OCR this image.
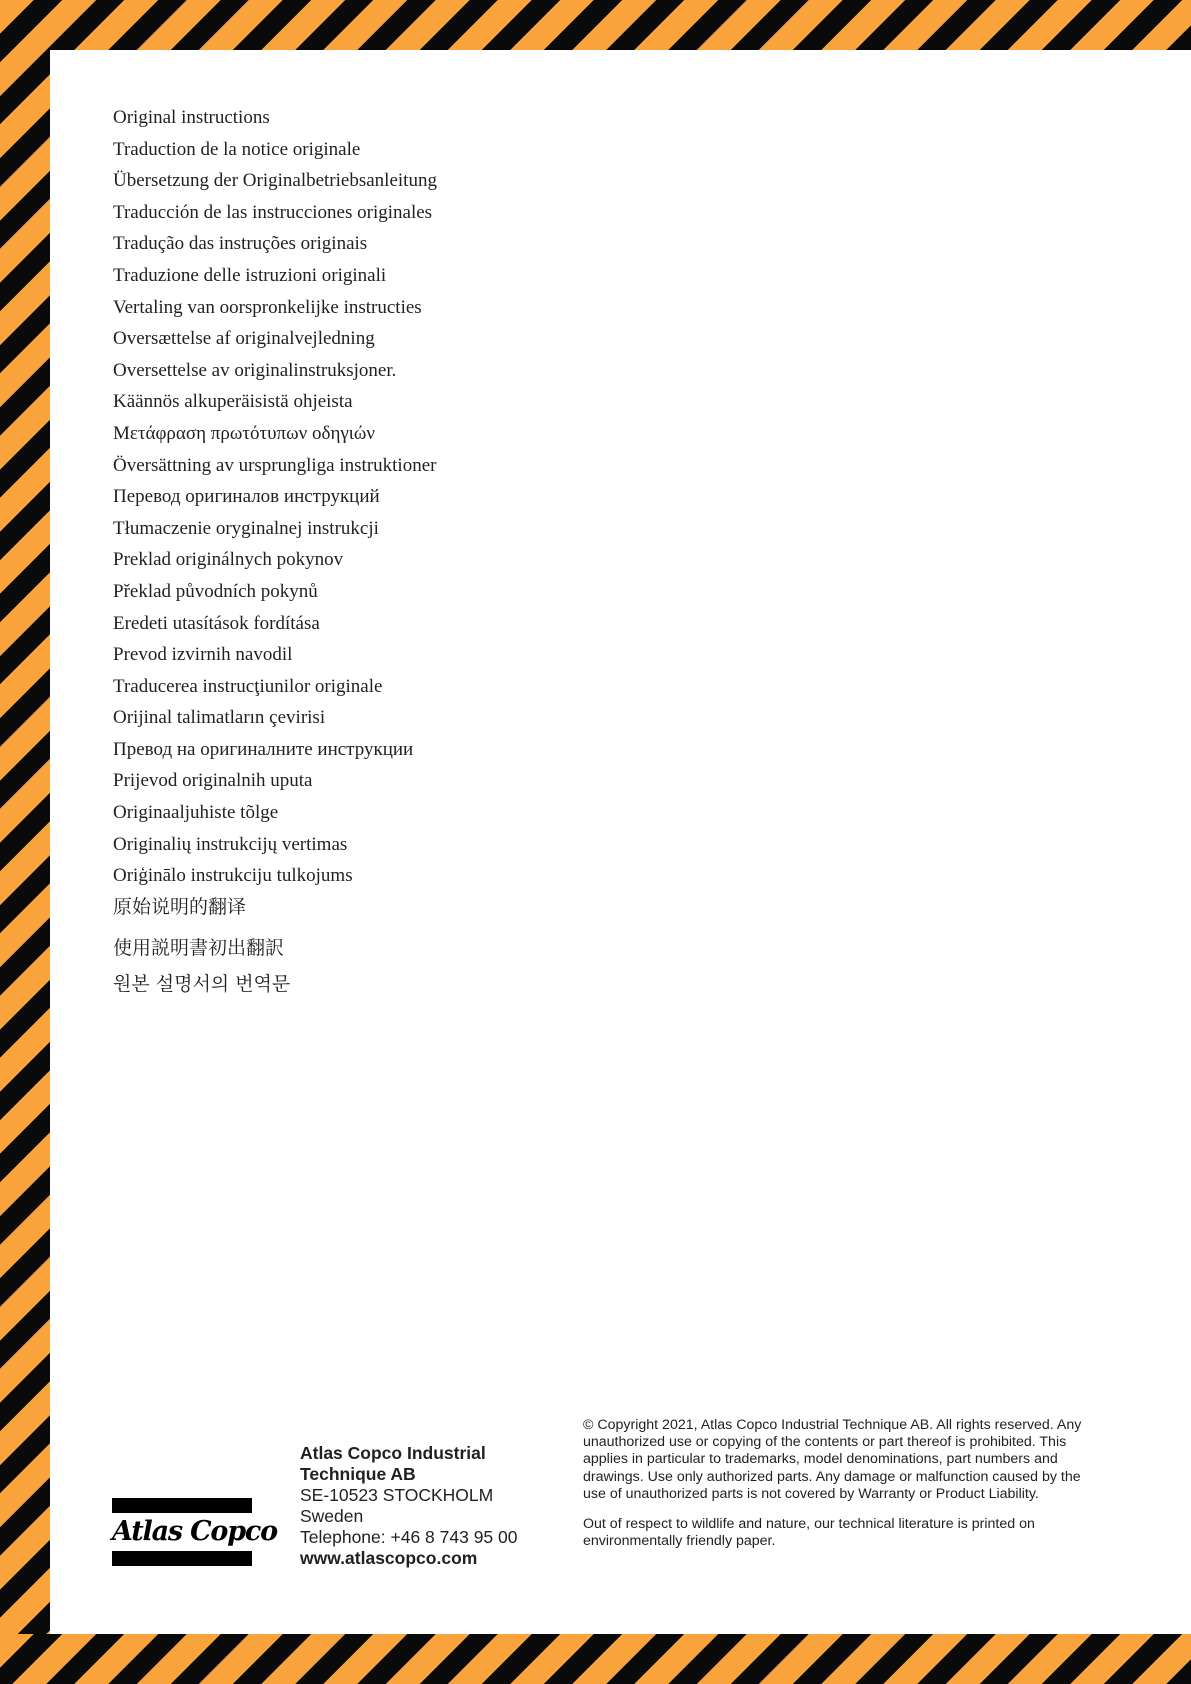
Original instructions
Traduction de la notice originale
Übersetzung der Originalbetriebsanleitung
Traducción de las instrucciones originales
Tradução das instruções originais
Traduzione delle istruzioni originali
Vertaling van oorspronkelijke instructies
Oversættelse af originalvejledning
Oversettelse av originalinstruksjoner.
Käännös alkuperäisistä ohjeista
Μετάφραση πρωτότυπων οδηγιών
Översättning av ursprungliga instruktioner
Перевод оригиналов инструкций
Tłumaczenie oryginalnej instrukcji
Preklad originálnych pokynov
Překlad původních pokynů
Eredeti utasítások fordítása
Prevod izvirnih navodil
Traducerea instrucţiunilor originale
Orijinal talimatların çevirisi
Превод на оригиналните инструкции
Prijevod originalnih uputa
Originaaljuhiste tõlge
Originalių instrukcijų vertimas
Oriģinālo instrukciju tulkojums
原始说明的翻译
使用説明書初出翻訳
원본 설명서의 번역문
Atlas Copco
Atlas Copco Industrial
Technique AB
SE-10523 STOCKHOLM
Sweden
Telephone: +46 8 743 95 00
www.atlascopco.com

© Copyright 2021, Atlas Copco Industrial Technique AB. All rights reserved. Any unauthorized use or copying of the contents or part thereof is prohibited. This applies in particular to trademarks, model denominations, part numbers and drawings. Use only authorized parts. Any damage or malfunction caused by the use of unauthorized parts is not covered by Warranty or Product Liability.

Out of respect to wildlife and nature, our technical literature is printed on environmentally friendly paper.
